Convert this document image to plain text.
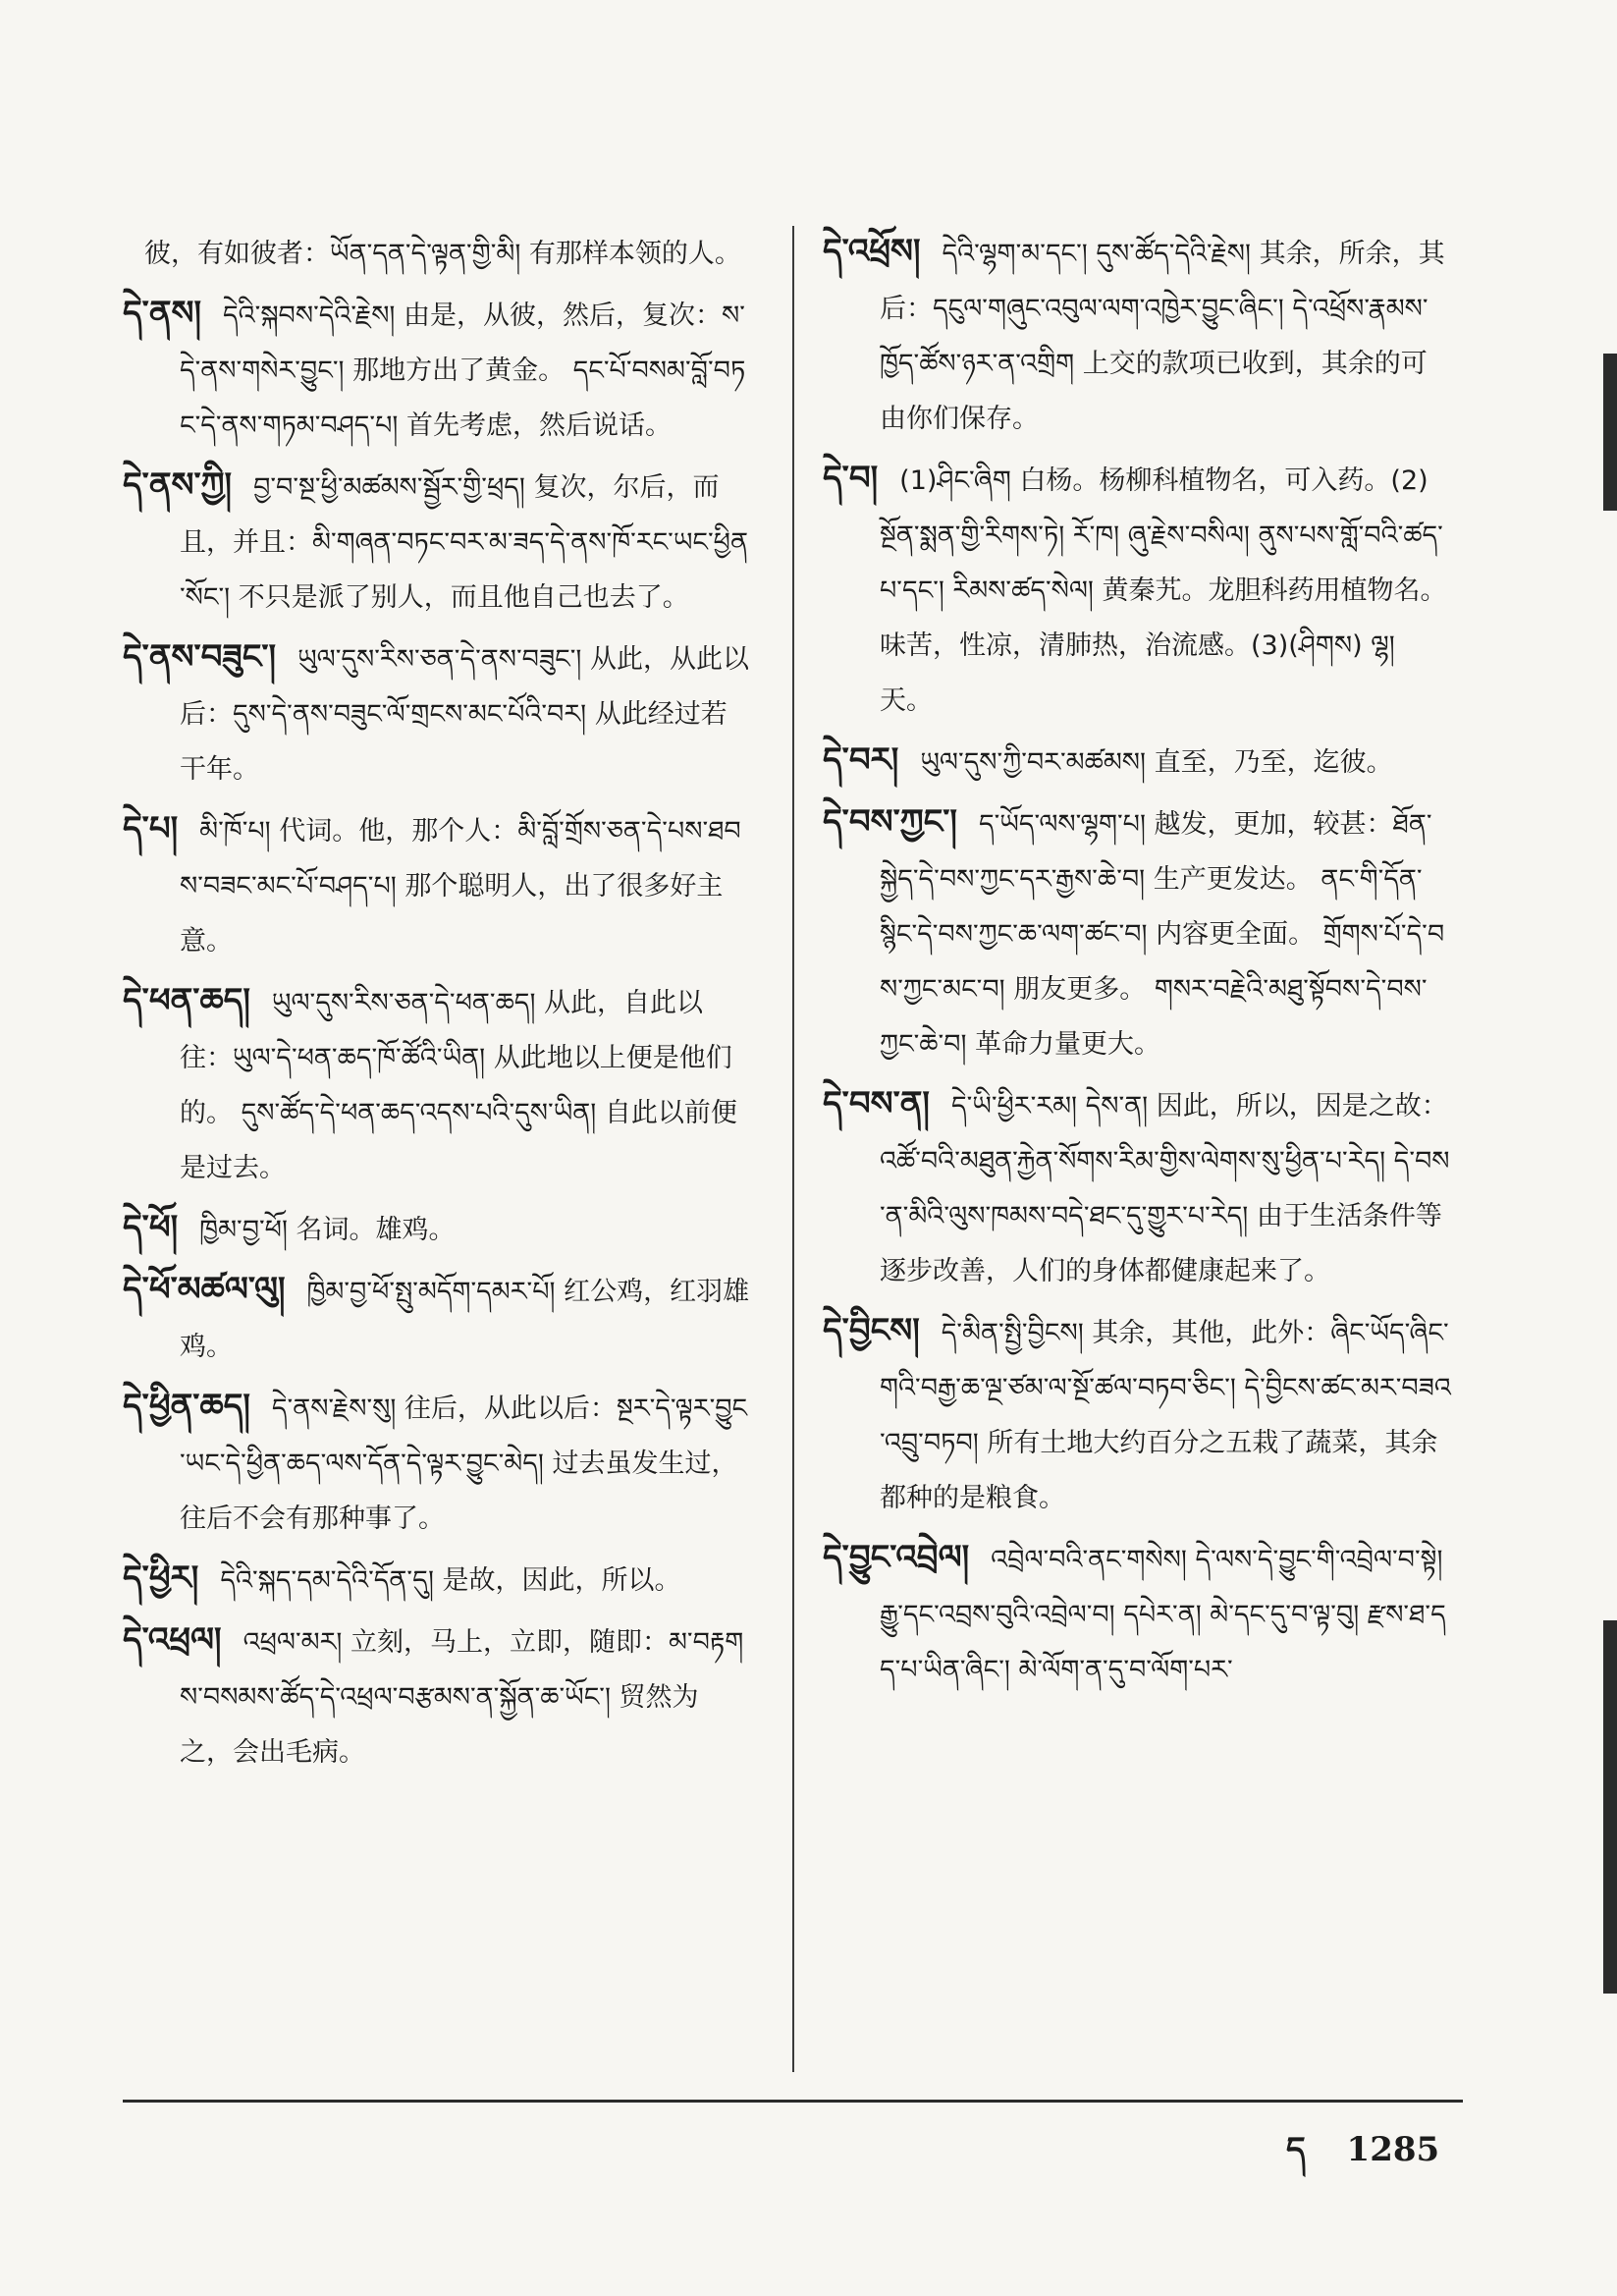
彼，有如彼者：ཡོན་དན་དེ་ལྟན་གྱི་མི། 有那样本领的人。
དེ་ནས། དེའི་སྐབས་དེའི་རྗེས། 由是，从彼，然后，复次：ས་དེ་ནས་གསེར་བྱུང་། 那地方出了黄金。 དང་པོ་བསམ་བློ་བཏང་དེ་ནས་གཏམ་བཤད་པ། 首先考虑，然后说话。
དེ་ནས་ཀྱི། བྱ་བ་སྔ་ཕྱི་མཚམས་སྦྱོར་གྱི་ཕྲད། 复次，尔后，而且，并且：མི་གཞན་བཏང་བར་མ་ཟད་དེ་ནས་ཁོ་རང་ཡང་ཕྱིན་སོང་། 不只是派了别人，而且他自己也去了。
དེ་ནས་བཟུང་། ཡུལ་དུས་རིས་ཅན་དེ་ནས་བཟུང་། 从此，从此以后：དུས་དེ་ནས་བཟུང་ལོ་གྲངས་མང་པོའི་བར། 从此经过若干年。
དེ་པ། མི་ཁོ་པ། 代词。他，那个人：མི་བློ་གྲོས་ཅན་དེ་པས་ཐབས་བཟང་མང་པོ་བཤད་པ། 那个聪明人，出了很多好主意。
དེ་ཕན་ཆད། ཡུལ་དུས་རིས་ཅན་དེ་ཕན་ཆད། 从此，自此以往：ཡུལ་དེ་ཕན་ཆད་ཁོ་ཚོའི་ཡིན། 从此地以上便是他们的。 དུས་ཚོད་དེ་ཕན་ཆད་འདས་པའི་དུས་ཡིན། 自此以前便是过去。
དེ་ཕོ། ཁྱིམ་བྱ་ཕོ། 名词。雄鸡。
དེ་ཕོ་མཚལ་ལུ། ཁྱིམ་བྱ་ཕོ་སྤུ་མདོག་དམར་པོ། 红公鸡，红羽雄鸡。
དེ་ཕྱིན་ཆད། དེ་ནས་རྗེས་སུ། 往后，从此以后：སྔར་དེ་ལྟར་བྱུང་ཡང་དེ་ཕྱིན་ཆད་ལས་དོན་དེ་ལྟར་བྱུང་མེད། 过去虽发生过，往后不会有那种事了。
དེ་ཕྱིར། དེའི་སྐད་དམ་དེའི་དོན་དུ། 是故，因此，所以。
དེ་འཕྲལ། འཕྲལ་མར། 立刻，马上，立即，随即：མ་བརྟགས་བསམས་ཚོད་དེ་འཕྲལ་བརྩམས་ན་སྐྱོན་ཆ་ཡོང་། 贸然为之，会出毛病。
དེ་འཕྲོས། དེའི་ལྷག་མ་དང་། དུས་ཚོད་དེའི་རྗེས། 其余，所余，其后：དངུལ་གཞུང་འབུལ་ལག་འཁྱེར་བྱུང་ཞིང་། དེ་འཕྲོས་རྣམས་ཁྱོད་ཚོས་ཉར་ན་འགྲིག 上交的款项已收到，其余的可由你们保存。
དེ་བ། (1)ཤིང་ཞིག 白杨。杨柳科植物名，可入药。(2)སྔོན་སྨན་གྱི་རིགས་ཏེ། རོ་ཁ། ཞུ་རྗེས་བསིལ། ནུས་པས་གློ་བའི་ཚད་པ་དང་། རིམས་ཚད་སེལ། 黄秦艽。龙胆科药用植物名。味苦，性凉，清肺热，治流感。(3)(ཤིགས) ལྷ། 天。
དེ་བར། ཡུལ་དུས་ཀྱི་བར་མཚམས། 直至，乃至，迄彼。
དེ་བས་ཀྱང་། ད་ཡོད་ལས་ལྷག་པ། 越发，更加，较甚：ཐོན་སྐྱེད་དེ་བས་ཀྱང་དར་རྒྱས་ཆེ་བ། 生产更发达。 ནང་གི་དོན་སྙིང་དེ་བས་ཀྱང་ཆ་ལག་ཚང་བ། 内容更全面。 གྲོགས་པོ་དེ་བས་ཀྱང་མང་བ། 朋友更多。 གསར་བརྗེའི་མཐུ་སྟོབས་དེ་བས་ཀྱང་ཆེ་བ། 革命力量更大。
དེ་བས་ན། དེ་ཡི་ཕྱིར་རམ། དེས་ན། 因此，所以，因是之故：འཚོ་བའི་མཐུན་རྐྱེན་སོགས་རིམ་གྱིས་ལེགས་སུ་ཕྱིན་པ་རེད། དེ་བས་ན་མིའི་ལུས་ཁམས་བདེ་ཐང་དུ་གྱུར་པ་རེད། 由于生活条件等逐步改善，人们的身体都健康起来了。
དེ་བྱིངས། དེ་མིན་སྤྱི་བྱིངས། 其余，其他，此外：ཞིང་ཡོད་ཞིང་གའི་བརྒྱ་ཆ་ལྔ་ཙམ་ལ་སྔོ་ཚལ་བཏབ་ཅིང་། དེ་བྱིངས་ཚང་མར་བཟའ་འབྲུ་བཏབ། 所有土地大约百分之五栽了蔬菜，其余都种的是粮食。
དེ་བྱུང་འབྲེལ། འབྲེལ་བའི་ནང་གསེས། དེ་ལས་དེ་བྱུང་གི་འབྲེལ་བ་སྟེ། རྒྱུ་དང་འབྲས་བུའི་འབྲེལ་བ། དཔེར་ན། མེ་དང་དུ་བ་ལྟ་བུ། རྫས་ཐ་དད་པ་ཡིན་ཞིང་། མེ་ལོག་ན་དུ་བ་ལོག་པར་
ད 1285
